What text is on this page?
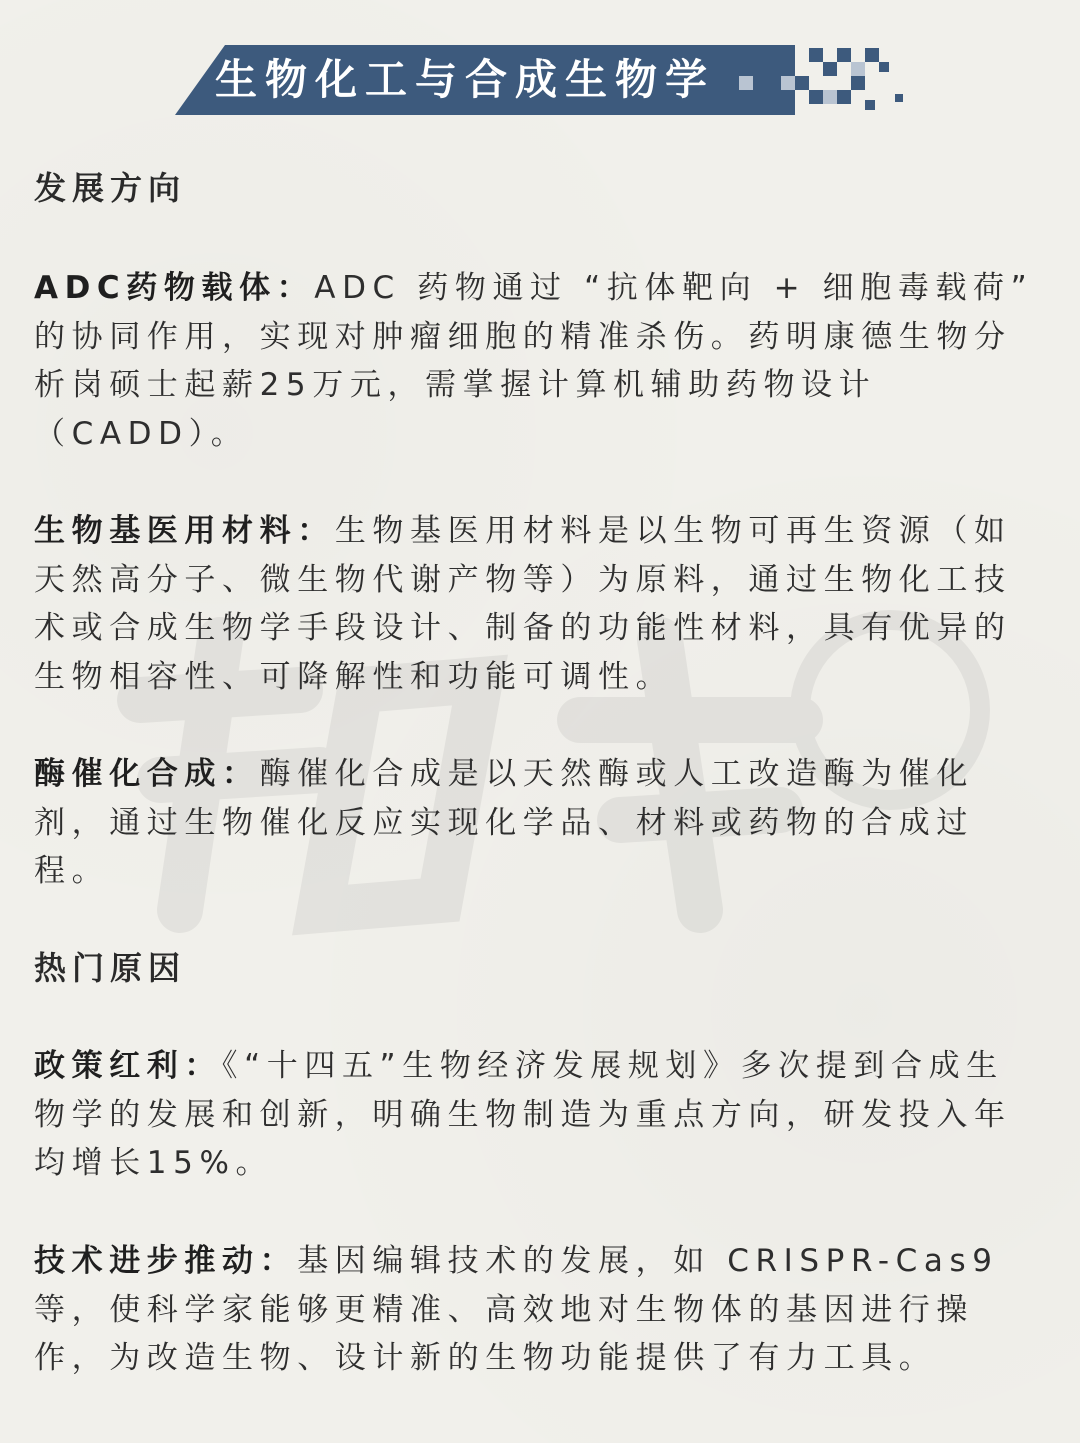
生物化工与合成生物学
发展方向
ADC药物载体：ADC 药物通过 “抗体靶向 + 细胞毒载荷” 的协同作用，实现对肿瘤细胞的精准杀伤。药明康德生物分析岗硕士起薪25万元，需掌握计算机辅助药物设计（CADD）。
生物基医用材料：生物基医用材料是以生物可再生资源（如天然高分子、微生物代谢产物等）为原料，通过生物化工技术或合成生物学手段设计、制备的功能性材料，具有优异的生物相容性、可降解性和功能可调性。
酶催化合成：酶催化合成是以天然酶或人工改造酶为催化剂，通过生物催化反应实现化学品、材料或药物的合成过程。
热门原因
政策红利：《“十四五”生物经济发展规划》多次提到合成生物学的发展和创新，明确生物制造为重点方向，研发投入年均增长15%。
技术进步推动：基因编辑技术的发展，如 CRISPR-Cas9 等，使科学家能够更精准、高效地对生物体的基因进行操作，为改造生物、设计新的生物功能提供了有力工具。
